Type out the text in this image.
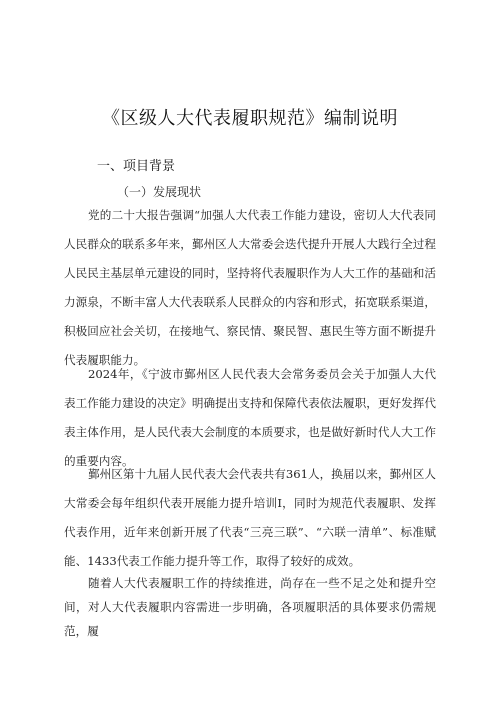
《区级人大代表履职规范》编制说明
一、项目背景
（一）发展现状

党的二十大报告强调“加强人大代表工作能力建设，密切人大代表同人民群众的联系多年来，鄞州区人大常委会迭代提升开展人大践行全过程人民民主基层单元建设的同时，坚持将代表履职作为人大工作的基础和活力源泉，不断丰富人大代表联系人民群众的内容和形式，拓宽联系渠道，积极回应社会关切，在接地气、察民情、聚民智、惠民生等方面不断提升代表履职能力。

2024年，《宁波市鄞州区人民代表大会常务委员会关于加强人大代表工作能力建设的决定》明确提出支持和保障代表依法履职，更好发挥代表主体作用，是人民代表大会制度的本质要求，也是做好新时代人大工作的重要内容。

鄞州区第十九届人民代表大会代表共有361人，换届以来，鄞州区人大常委会每年组织代表开展能力提升培训I，同时为规范代表履职、发挥代表作用，近年来创新开展了代表“三亮三联”、“六联一清单”、标准赋能、1433代表工作能力提升等工作，取得了较好的成效。

随着人大代表履职工作的持续推进，尚存在一些不足之处和提升空间，对人大代表履职内容需进一步明确，各项履职活的具体要求仍需规范，履
